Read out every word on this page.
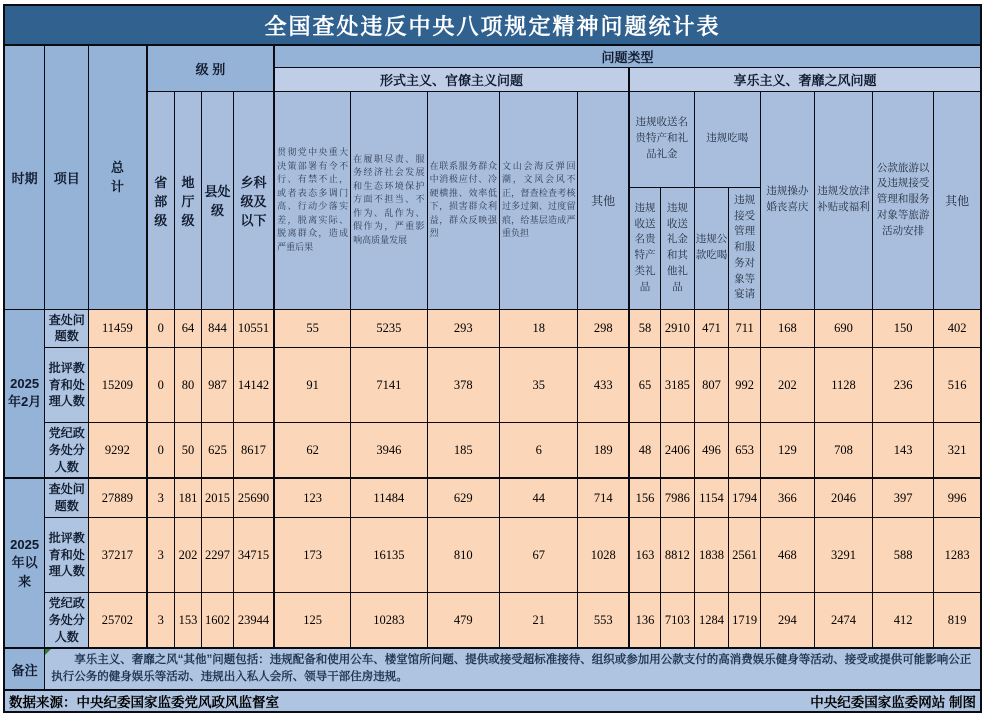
全国查处违反中央八项规定精神问题统计表																			
时期	项目	总计	级 别				问题类型												
							形式主义、官僚主义问题					享乐主义、奢靡之风问题							
			省部级	地厅级	县处级	乡科级及以下	贯彻党中央重大决策部署有令不行、有禁不止，或者表态多调门高、行动少落实差，脱离实际、脱离群众，造成严重后果	在履职尽责、服务经济社会发展和生态环境保护方面不担当、不作为、乱作为、假作为，严重影响高质量发展	在联系服务群众中消极应付、冷硬横推、效率低下，损害群众利益，群众反映强烈	文山会海反弹回潮，文风会风不正，督查检查考核过多过频、过度留痕，给基层造成严重负担	其他	违规收送名贵特产和礼品礼金		违规吃喝		违规操办婚丧喜庆	违规发放津补贴或福利	公款旅游以及违规接受管理和服务对象等旅游活动安排	其他
												违规收送名贵特产类礼品	违规收送礼金和其他礼品	违规公款吃喝	违规接受管理和服务对象等宴请				
2025年2月	查处问题数	11459	0	64	844	10551	55	5235	293	18	298	58	2910	471	711	168	690	150	402
	批评教育和处理人数	15209	0	80	987	14142	91	7141	378	35	433	65	3185	807	992	202	1128	236	516
	党纪政务处分人数	9292	0	50	625	8617	62	3946	185	6	189	48	2406	496	653	129	708	143	321
2025年以来	查处问题数	27889	3	181	2015	25690	123	11484	629	44	714	156	7986	1154	1794	366	2046	397	996
	批评教育和处理人数	37217	3	202	2297	34715	173	16135	810	67	1028	163	8812	1838	2561	468	3291	588	1283
	党纪政务处分人数	25702	3	153	1602	23944	125	10283	479	21	553	136	7103	1284	1719	294	2474	412	819
备注	享乐主义、奢靡之风“其他”问题包括：违规配备和使用公车、楼堂馆所问题、提供或接受超标准接待、组织或参加用公款支付的高消费娱乐健身等活动、接受或提供可能影响公正执行公务的健身娱乐等活动、违规出入私人会所、领导干部住房违规。																		

数据来源：中央纪委国家监委党风政风监督室 中央纪委国家监委网站 制图																			
